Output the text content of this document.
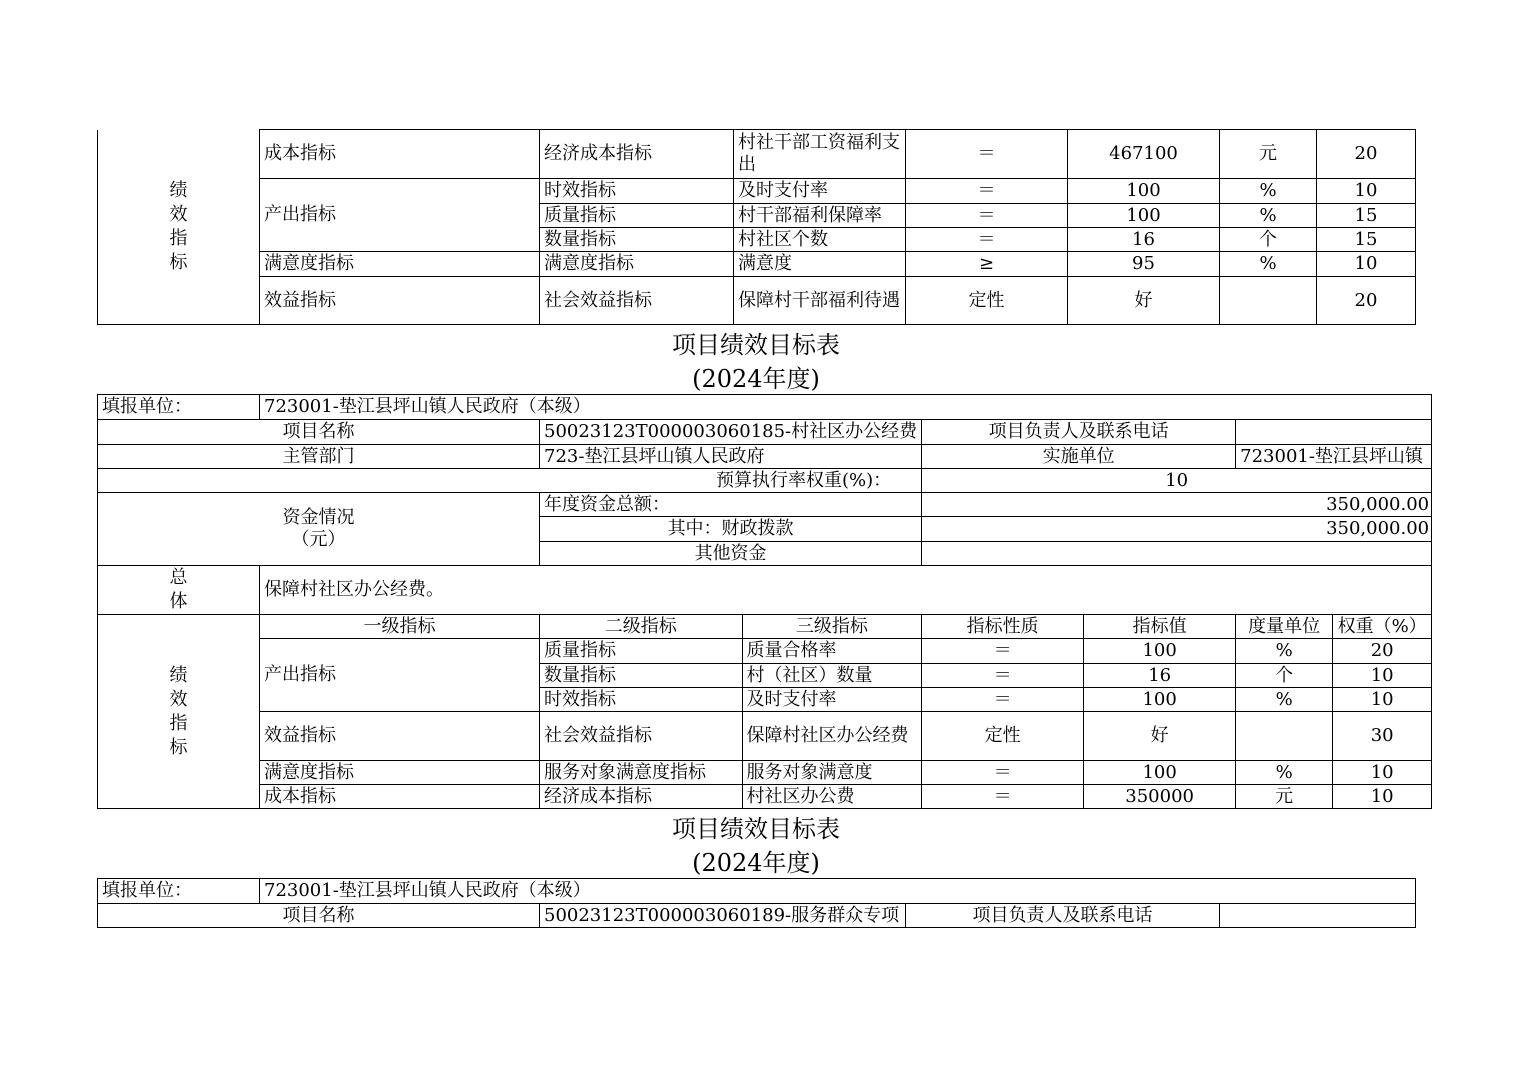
绩效指标	成本指标	经济成本指标	村社干部工资福利支出	＝	467100	元	20
	产出指标	时效指标	及时支付率	＝	100	%	10
		质量指标	村干部福利保障率	＝	100	%	15
		数量指标	村社区个数	＝	16	个	15
	满意度指标	满意度指标	满意度	≥	95	%	10
	效益指标	社会效益指标	保障村干部福利待遇	定性	好		20
项目绩效目标表
(2024年度)
填报单位：	723001-垫江县坪山镇人民政府（本级）						
项目名称		50023123T000003060185-村社区办公经费		项目负责人及联系电话			
主管部门		723-垫江县坪山镇人民政府		实施单位		723001-垫江县坪山镇	
预算执行率权重(%)：				10			

资金情况
（元）		年度资金总额：		350,000.00			
		其中：财政拨款		350,000.00			
		其他资金					

总
体	保障村社区办公经费。						

绩效指标	一级指标	二级指标	三级指标	指标性质	指标值	度量单位	权重（%）
	产出指标	质量指标	质量合格率	＝	100	%	20
		数量指标	村（社区）数量	＝	16	个	10
		时效指标	及时支付率	＝	100	%	10
	效益指标	社会效益指标	保障村社区办公经费	定性	好		30
	满意度指标	服务对象满意度指标	服务对象满意度	＝	100	%	10
	成本指标	经济成本指标	村社区办公费	＝	350000	元	10
项目绩效目标表
(2024年度)
填报单位：	723001-垫江县坪山镇人民政府（本级）			
项目名称		50023123T000003060189-服务群众专项	项目负责人及联系电话	
